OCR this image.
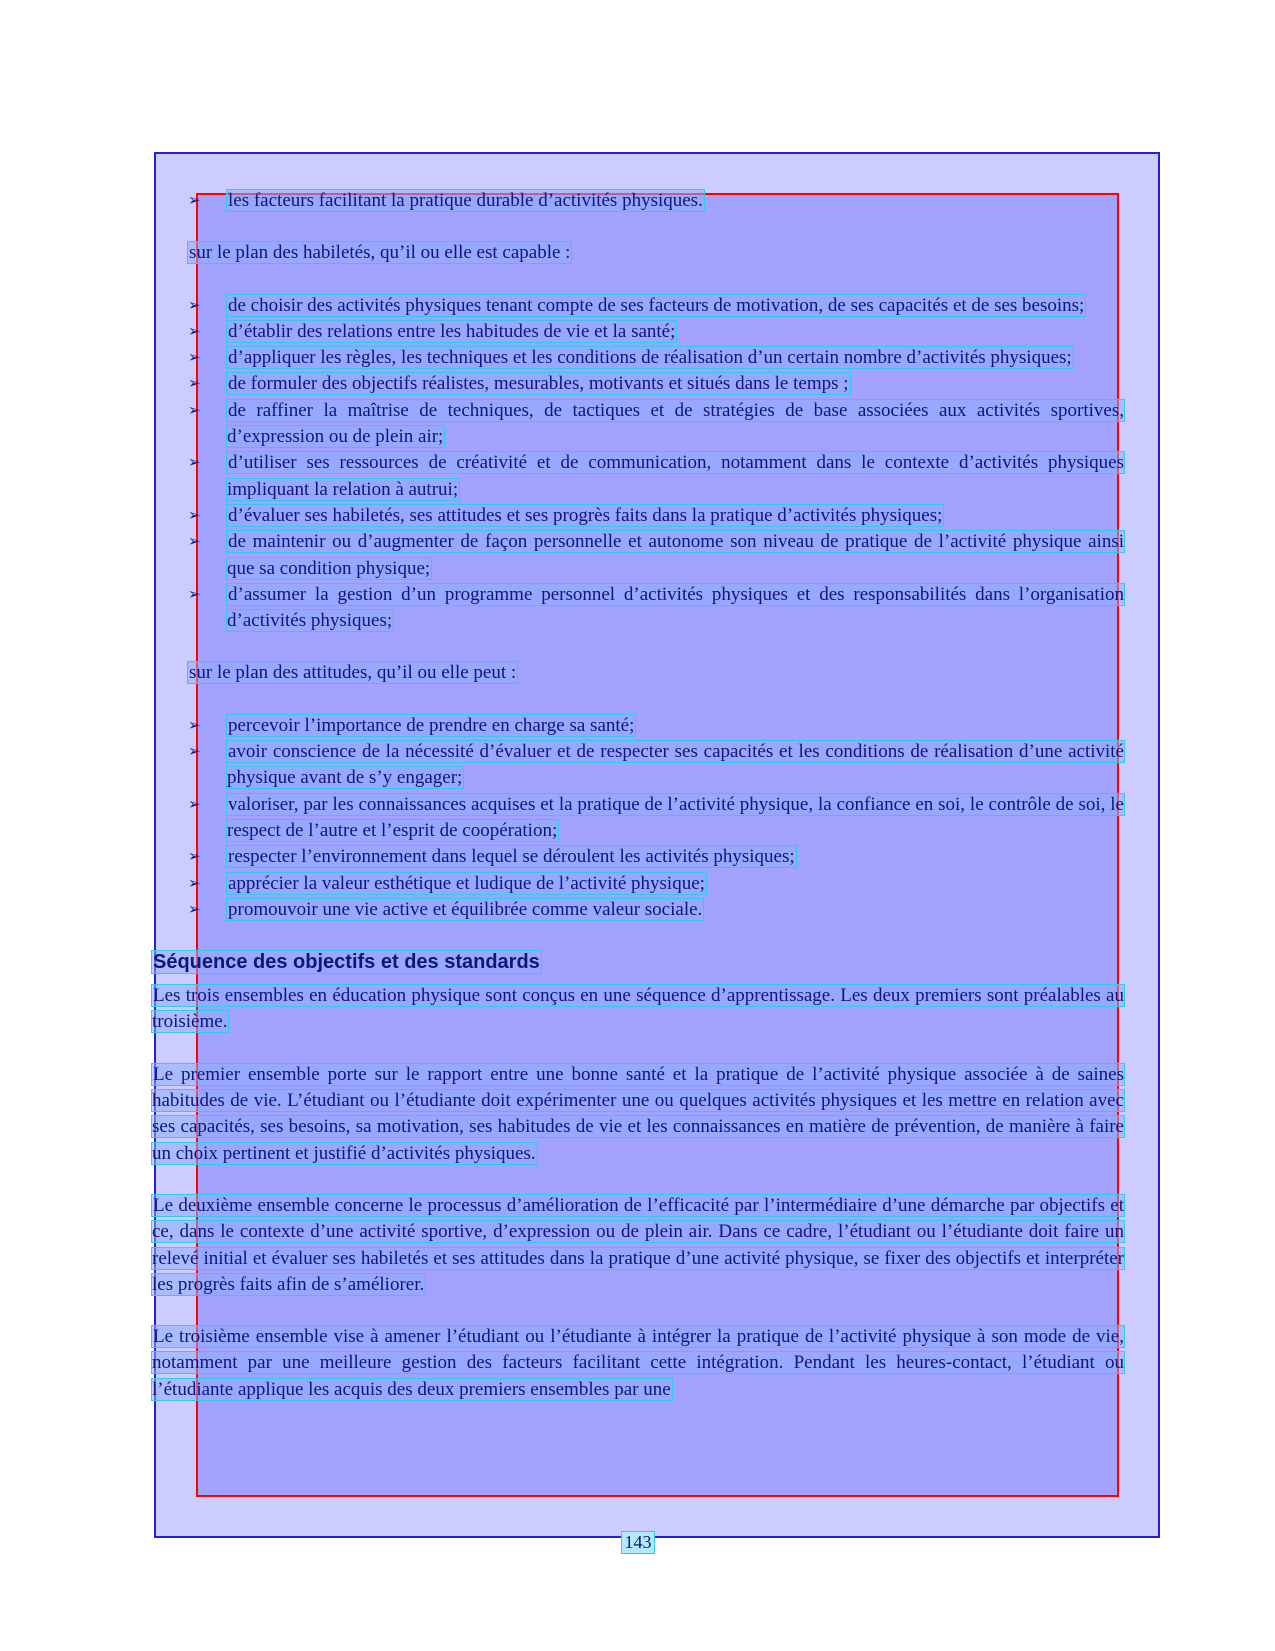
➢ les facteurs facilitant la pratique durable d’activités physiques.

sur le plan des habiletés, qu’il ou elle est capable :

➢ de choisir des activités physiques tenant compte de ses facteurs de motivation, de ses capacités et de ses besoins;
➢ d’établir des relations entre les habitudes de vie et la santé;
➢ d’appliquer les règles, les techniques et les conditions de réalisation d’un certain nombre d’activités physiques;
➢ de formuler des objectifs réalistes, mesurables, motivants et situés dans le temps ;
➢ de raffiner la maîtrise de techniques, de tactiques et de stratégies de base associées aux activités sportives, d’expression ou de plein air;
➢ d’utiliser ses ressources de créativité et de communication, notamment dans le contexte d’activités physiques impliquant la relation à autrui;
➢ d’évaluer ses habiletés, ses attitudes et ses progrès faits dans la pratique d’activités physiques;
➢ de maintenir ou d’augmenter de façon personnelle et autonome son niveau de pratique de l’activité physique ainsi que sa condition physique;
➢ d’assumer la gestion d’un programme personnel d’activités physiques et des responsabilités dans l’organisation d’activités physiques;

sur le plan des attitudes, qu’il ou elle peut :

➢ percevoir l’importance de prendre en charge sa santé;
➢ avoir conscience de la nécessité d’évaluer et de respecter ses capacités et les conditions de réalisation d’une activité physique avant de s’y engager;
➢ valoriser, par les connaissances acquises et la pratique de l’activité physique, la confiance en soi, le contrôle de soi, le respect de l’autre et l’esprit de coopération;
➢ respecter l’environnement dans lequel se déroulent les activités physiques;
➢ apprécier la valeur esthétique et ludique de l’activité physique;
➢ promouvoir une vie active et équilibrée comme valeur sociale.
Séquence des objectifs et des standards

Les trois ensembles en éducation physique sont conçus en une séquence d’apprentissage. Les deux premiers sont préalables au troisième.

Le premier ensemble porte sur le rapport entre une bonne santé et la pratique de l’activité physique associée à de saines habitudes de vie. L’étudiant ou l’étudiante doit expérimenter une ou quelques activités physiques et les mettre en relation avec ses capacités, ses besoins, sa motivation, ses habitudes de vie et les connaissances en matière de prévention, de manière à faire un choix pertinent et justifié d’activités physiques.

Le deuxième ensemble concerne le processus d’amélioration de l’efficacité par l’intermédiaire d’une démarche par objectifs et ce, dans le contexte d’une activité sportive, d’expression ou de plein air. Dans ce cadre, l’étudiant ou l’étudiante doit faire un relevé initial et évaluer ses habiletés et ses attitudes dans la pratique d’une activité physique, se fixer des objectifs et interpréter les progrès faits afin de s’améliorer.

Le troisième ensemble vise à amener l’étudiant ou l’étudiante à intégrer la pratique de l’activité physique à son mode de vie, notamment par une meilleure gestion des facteurs facilitant cette intégration. Pendant les heures-contact, l’étudiant ou l’étudiante applique les acquis des deux premiers ensembles par une

143
